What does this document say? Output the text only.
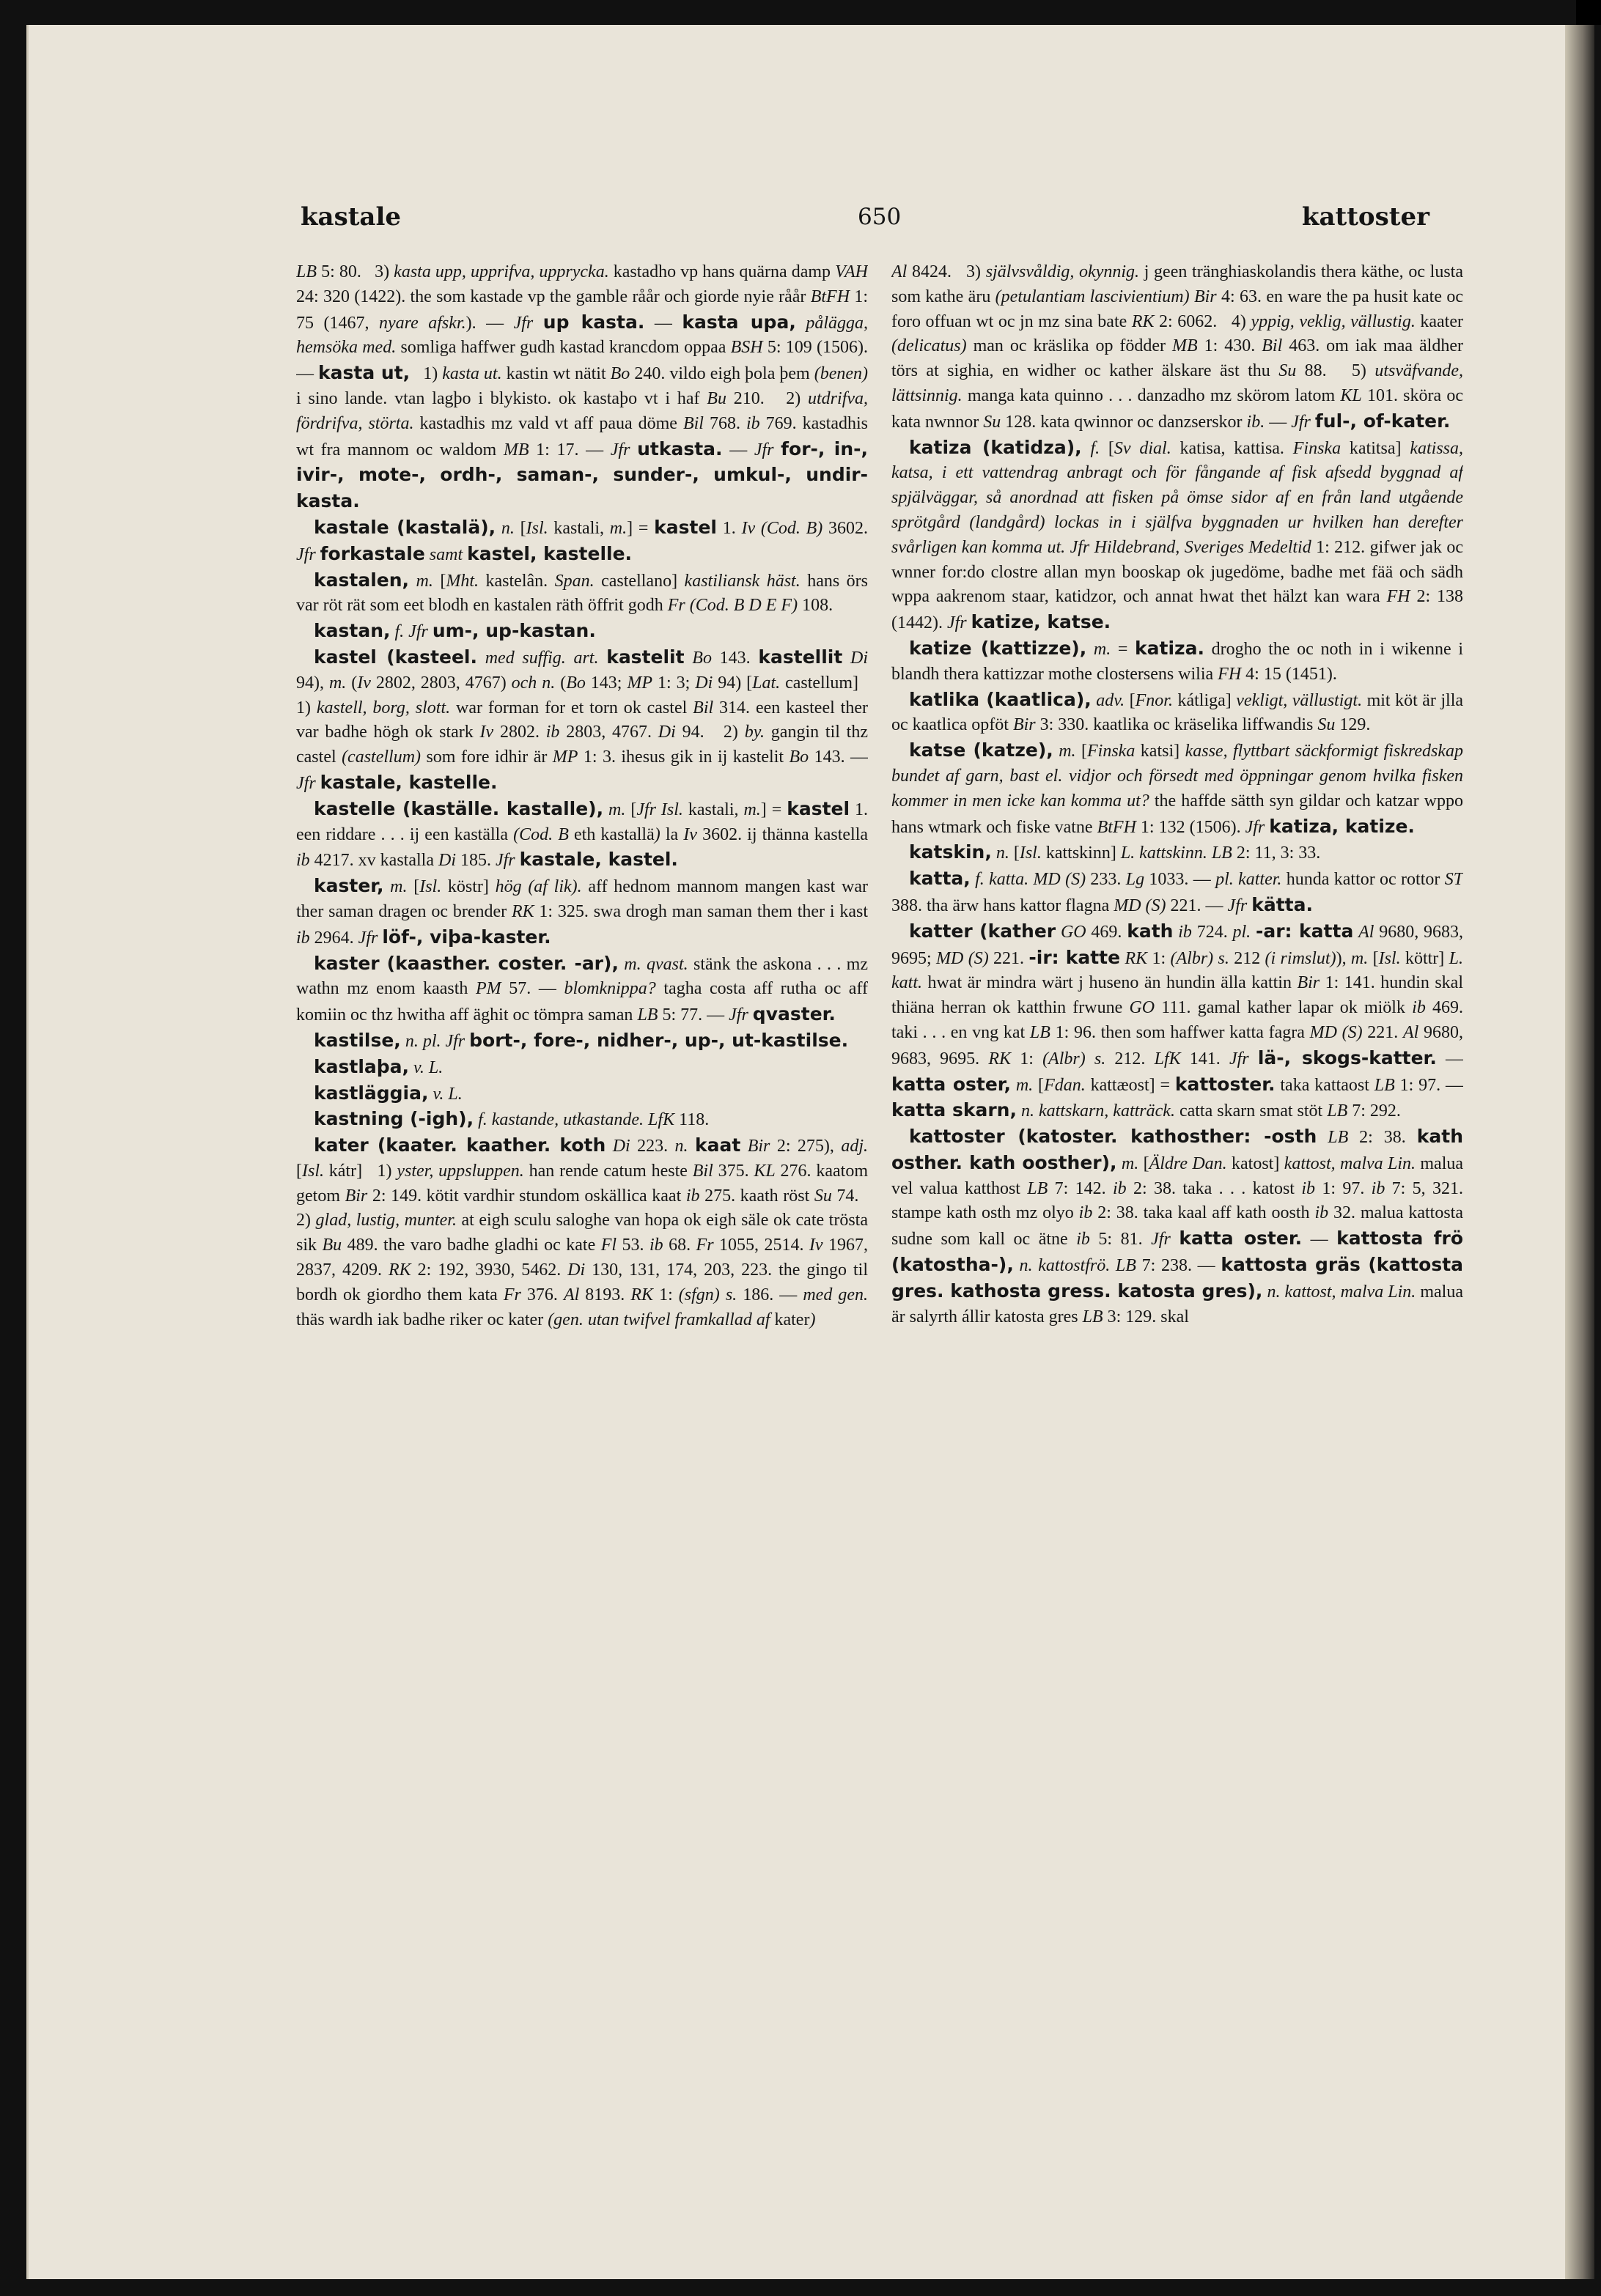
kastale	650	kattoster

LB 5: 80.   3) kasta upp, upprifva, upprycka. kastadho vp hans quärna damp VAH 24: 320 (1422). the som kastade vp the gamble råår och giorde nyie råår BtFH 1: 75 (1467, nyare afskr.). — Jfr up kasta. — kasta upa, pålägga, hemsöka med. somliga haffwer gudh kastad krancdom oppaa BSH 5: 109 (1506). — kasta ut,   1) kasta ut. kastin wt nätit Bo 240. vildo eigh þola þem (benen) i sino lande. vtan lagþo i blykisto. ok kastaþo vt i haf Bu 210.   2) utdrifva, fördrifva, störta. kastadhis mz vald vt aff paua döme Bil 768. ib 769. kastadhis wt fra mannom oc waldom MB 1: 17. — Jfr utkasta. — Jfr for-, in-, ivir-, mote-, ordh-, saman-, sunder-, umkul-, undir-kasta.

kastale (kastalä), n. [Isl. kastali, m.] = kastel 1. Iv (Cod. B) 3602. Jfr forkastale samt kastel, kastelle.

kastalen, m. [Mht. kastelân. Span. castellano] kastiliansk häst. hans örs var röt rät som eet blodh en kastalen räth öffrit godh Fr (Cod. B D E F) 108.

kastan, f. Jfr um-, up-kastan.

kastel (kasteel. med suffig. art. kastelit Bo 143. kastellit Di 94), m. (Iv 2802, 2803, 4767) och n. (Bo 143; MP 1: 3; Di 94) [Lat. castellum]   1) kastell, borg, slott. war forman for et torn ok castel Bil 314. een kasteel ther var badhe högh ok stark Iv 2802. ib 2803, 4767. Di 94.   2) by. gangin til thz castel (castellum) som fore idhir är MP 1: 3. ihesus gik in ij kastelit Bo 143. — Jfr kastale, kastelle.

kastelle (kaställe. kastalle), m. [Jfr Isl. kastali, m.] = kastel 1. een riddare . . . ij een kaställa (Cod. B eth kastallä) la Iv 3602. ij thänna kastella ib 4217. xv kastalla Di 185. Jfr kastale, kastel.

kaster, m. [Isl. köstr] hög (af lik). aff hednom mannom mangen kast war ther saman dragen oc brender RK 1: 325. swa drogh man saman them ther i kast ib 2964. Jfr löf-, viþa-kaster.

kaster (kaasther. coster. -ar), m. qvast. stänk the askona . . . mz wathn mz enom kaasth PM 57. — blomknippa? tagha costa aff rutha oc aff komiin oc thz hwitha aff äghit oc tömpra saman LB 5: 77. — Jfr qvaster.

kastilse, n. pl. Jfr bort-, fore-, nidher-, up-, ut-kastilse.

kastlaþa, v. L.

kastläggia, v. L.

kastning (-igh), f. kastande, utkastande. LfK 118.

kater (kaater. kaather. koth Di 223. n. kaat Bir 2: 275), adj. [Isl. kátr]   1) yster, uppsluppen. han rende catum heste Bil 375. KL 276. kaatom getom Bir 2: 149. kötit vardhir stundom oskällica kaat ib 275. kaath röst Su 74.   2) glad, lustig, munter. at eigh sculu saloghe van hopa ok eigh säle ok cate trösta sik Bu 489. the varo badhe gladhi oc kate Fl 53. ib 68. Fr 1055, 2514. Iv 1967, 2837, 4209. RK 2: 192, 3930, 5462. Di 130, 131, 174, 203, 223. the gingo til bordh ok giordho them kata Fr 376. Al 8193. RK 1: (sfgn) s. 186. — med gen. thäs wardh iak badhe riker oc kater (gen. utan twifvel framkallad af kater)

Al 8424.   3) självsvåldig, okynnig. j geen tränghiaskolandis thera käthe, oc lusta som kathe äru (petulantiam lascivientium) Bir 4: 63. en ware the pa husit kate oc foro offuan wt oc jn mz sina bate RK 2: 6062.   4) yppig, veklig, vällustig. kaater (delicatus) man oc kräslika op födder MB 1: 430. Bil 463. om iak maa äldher törs at sighia, en widher oc kather älskare äst thu Su 88.   5) utsväfvande, lättsinnig. manga kata quinno . . . danzadho mz skörom latom KL 101. sköra oc kata nwnnor Su 128. kata qwinnor oc danzserskor ib. — Jfr ful-, of-kater.

katiza (katidza), f. [Sv dial. katisa, kattisa. Finska katitsa] katissa, katsa, i ett vattendrag anbragt och för fångande af fisk afsedd byggnad af spjälväggar, så anordnad att fisken på ömse sidor af en från land utgående sprötgård (landgård) lockas in i själfva byggnaden ur hvilken han derefter svårligen kan komma ut. Jfr Hildebrand, Sveriges Medeltid 1: 212. gifwer jak oc wnner for:do clostre allan myn booskap ok jugedöme, badhe met fää och sädh wppa aakrenom staar, katidzor, och annat hwat thet hälzt kan wara FH 2: 138 (1442). Jfr katize, katse.

katize (kattizze), m. = katiza. drogho the oc noth in i wikenne i blandh thera kattizzar mothe clostersens wilia FH 4: 15 (1451).

katlika (kaatlica), adv. [Fnor. kátliga] vekligt, vällustigt. mit köt är jlla oc kaatlica opföt Bir 3: 330. kaatlika oc kräselika liffwandis Su 129.

katse (katze), m. [Finska katsi] kasse, flyttbart säckformigt fiskredskap bundet af garn, bast el. vidjor och försedt med öppningar genom hvilka fisken kommer in men icke kan komma ut? the haffde sätth syn gildar och katzar wppo hans wtmark och fiske vatne BtFH 1: 132 (1506). Jfr katiza, katize.

katskin, n. [Isl. kattskinn] L. kattskinn. LB 2: 11, 3: 33.

katta, f. katta. MD (S) 233. Lg 1033. — pl. katter. hunda kattor oc rottor ST 388. tha ärw hans kattor flagna MD (S) 221. — Jfr kätta.

katter (kather GO 469. kath ib 724. pl. -ar: katta Al 9680, 9683, 9695; MD (S) 221. -ir: katte RK 1: (Albr) s. 212 (i rimslut)), m. [Isl. köttr] L. katt. hwat är mindra wärt j huseno än hundin älla kattin Bir 1: 141. hundin skal thiäna herran ok katthin frwune GO 111. gamal kather lapar ok miölk ib 469. taki . . . en vng kat LB 1: 96. then som haffwer katta fagra MD (S) 221. Al 9680, 9683, 9695. RK 1: (Albr) s. 212. LfK 141. Jfr lä-, skogs-katter. — katta oster, m. [Fdan. kattæost] = kattoster. taka kattaost LB 1: 97. — katta skarn, n. kattskarn, katträck. catta skarn smat stöt LB 7: 292.

kattoster (katoster. kathosther: -osth LB 2: 38. kath osther. kath oosther), m. [Äldre Dan. katost] kattost, malva Lin. malua vel valua katthost LB 7: 142. ib 2: 38. taka . . . katost ib 1: 97. ib 7: 5, 321. stampe kath osth mz olyo ib 2: 38. taka kaal aff kath oosth ib 32. malua kattosta sudne som kall oc ätne ib 5: 81. Jfr katta oster. — kattosta frö (katostha-), n. kattostfrö. LB 7: 238. — kattosta gräs (kattosta gres. kathosta gress. katosta gres), n. kattost, malva Lin. malua är salyrth állir katosta gres LB 3: 129. skal
